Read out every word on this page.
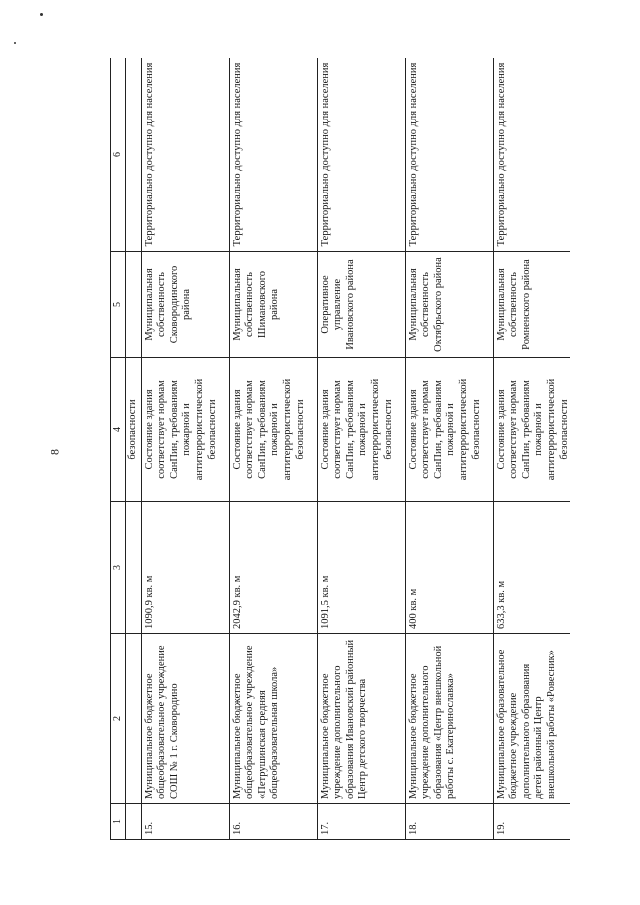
8
1	2	3	4	5	6
			безопасности		
15.	Муниципальное бюджетное общеобразовательное учреждение СОШ № 1 г. Сковородино	1090,9 кв. м	Состояние здания соответствует нормам СанПин, требованиям пожарной и антитеррористической безопасности	Муниципальная собственность Сковородинского района	Территориально доступно для населения
16.	Муниципальное бюджетное общеобразовательное учреждение «Петрушинская средняя общеобразовательная школа»	2042,9 кв. м	Состояние здания соответствует нормам СанПин, требованиям пожарной и антитеррористической безопасности	Муниципальная собственность Шимановского района	Территориально доступно для населения
17.	Муниципальное бюджетное учреждение дополнительного образования Ивановский районный Центр детского творчества	1091,5 кв. м	Состояние здания соответствует нормам СанПин, требованиям пожарной и антитеррористической безопасности	Оперативное управление Ивановского района	Территориально доступно для населения
18.	Муниципальное бюджетное учреждение дополнительного образования «Центр внешкольной работы с. Екатеринославка»	400 кв. м	Состояние здания соответствует нормам СанПин, требованиям пожарной и антитеррористической безопасности	Муниципальная собственность Октябрьского района	Территориально доступно для населения
19.	Муниципальное образовательное бюджетное учреждение дополнительного образования детей районный Центр внешкольной работы «Ровесник»	633,3 кв. м	Состояние здания соответствует нормам СанПин, требованиям пожарной и антитеррористической безопасности	Муниципальная собственность Ромненского района	Территориально доступно для населения
